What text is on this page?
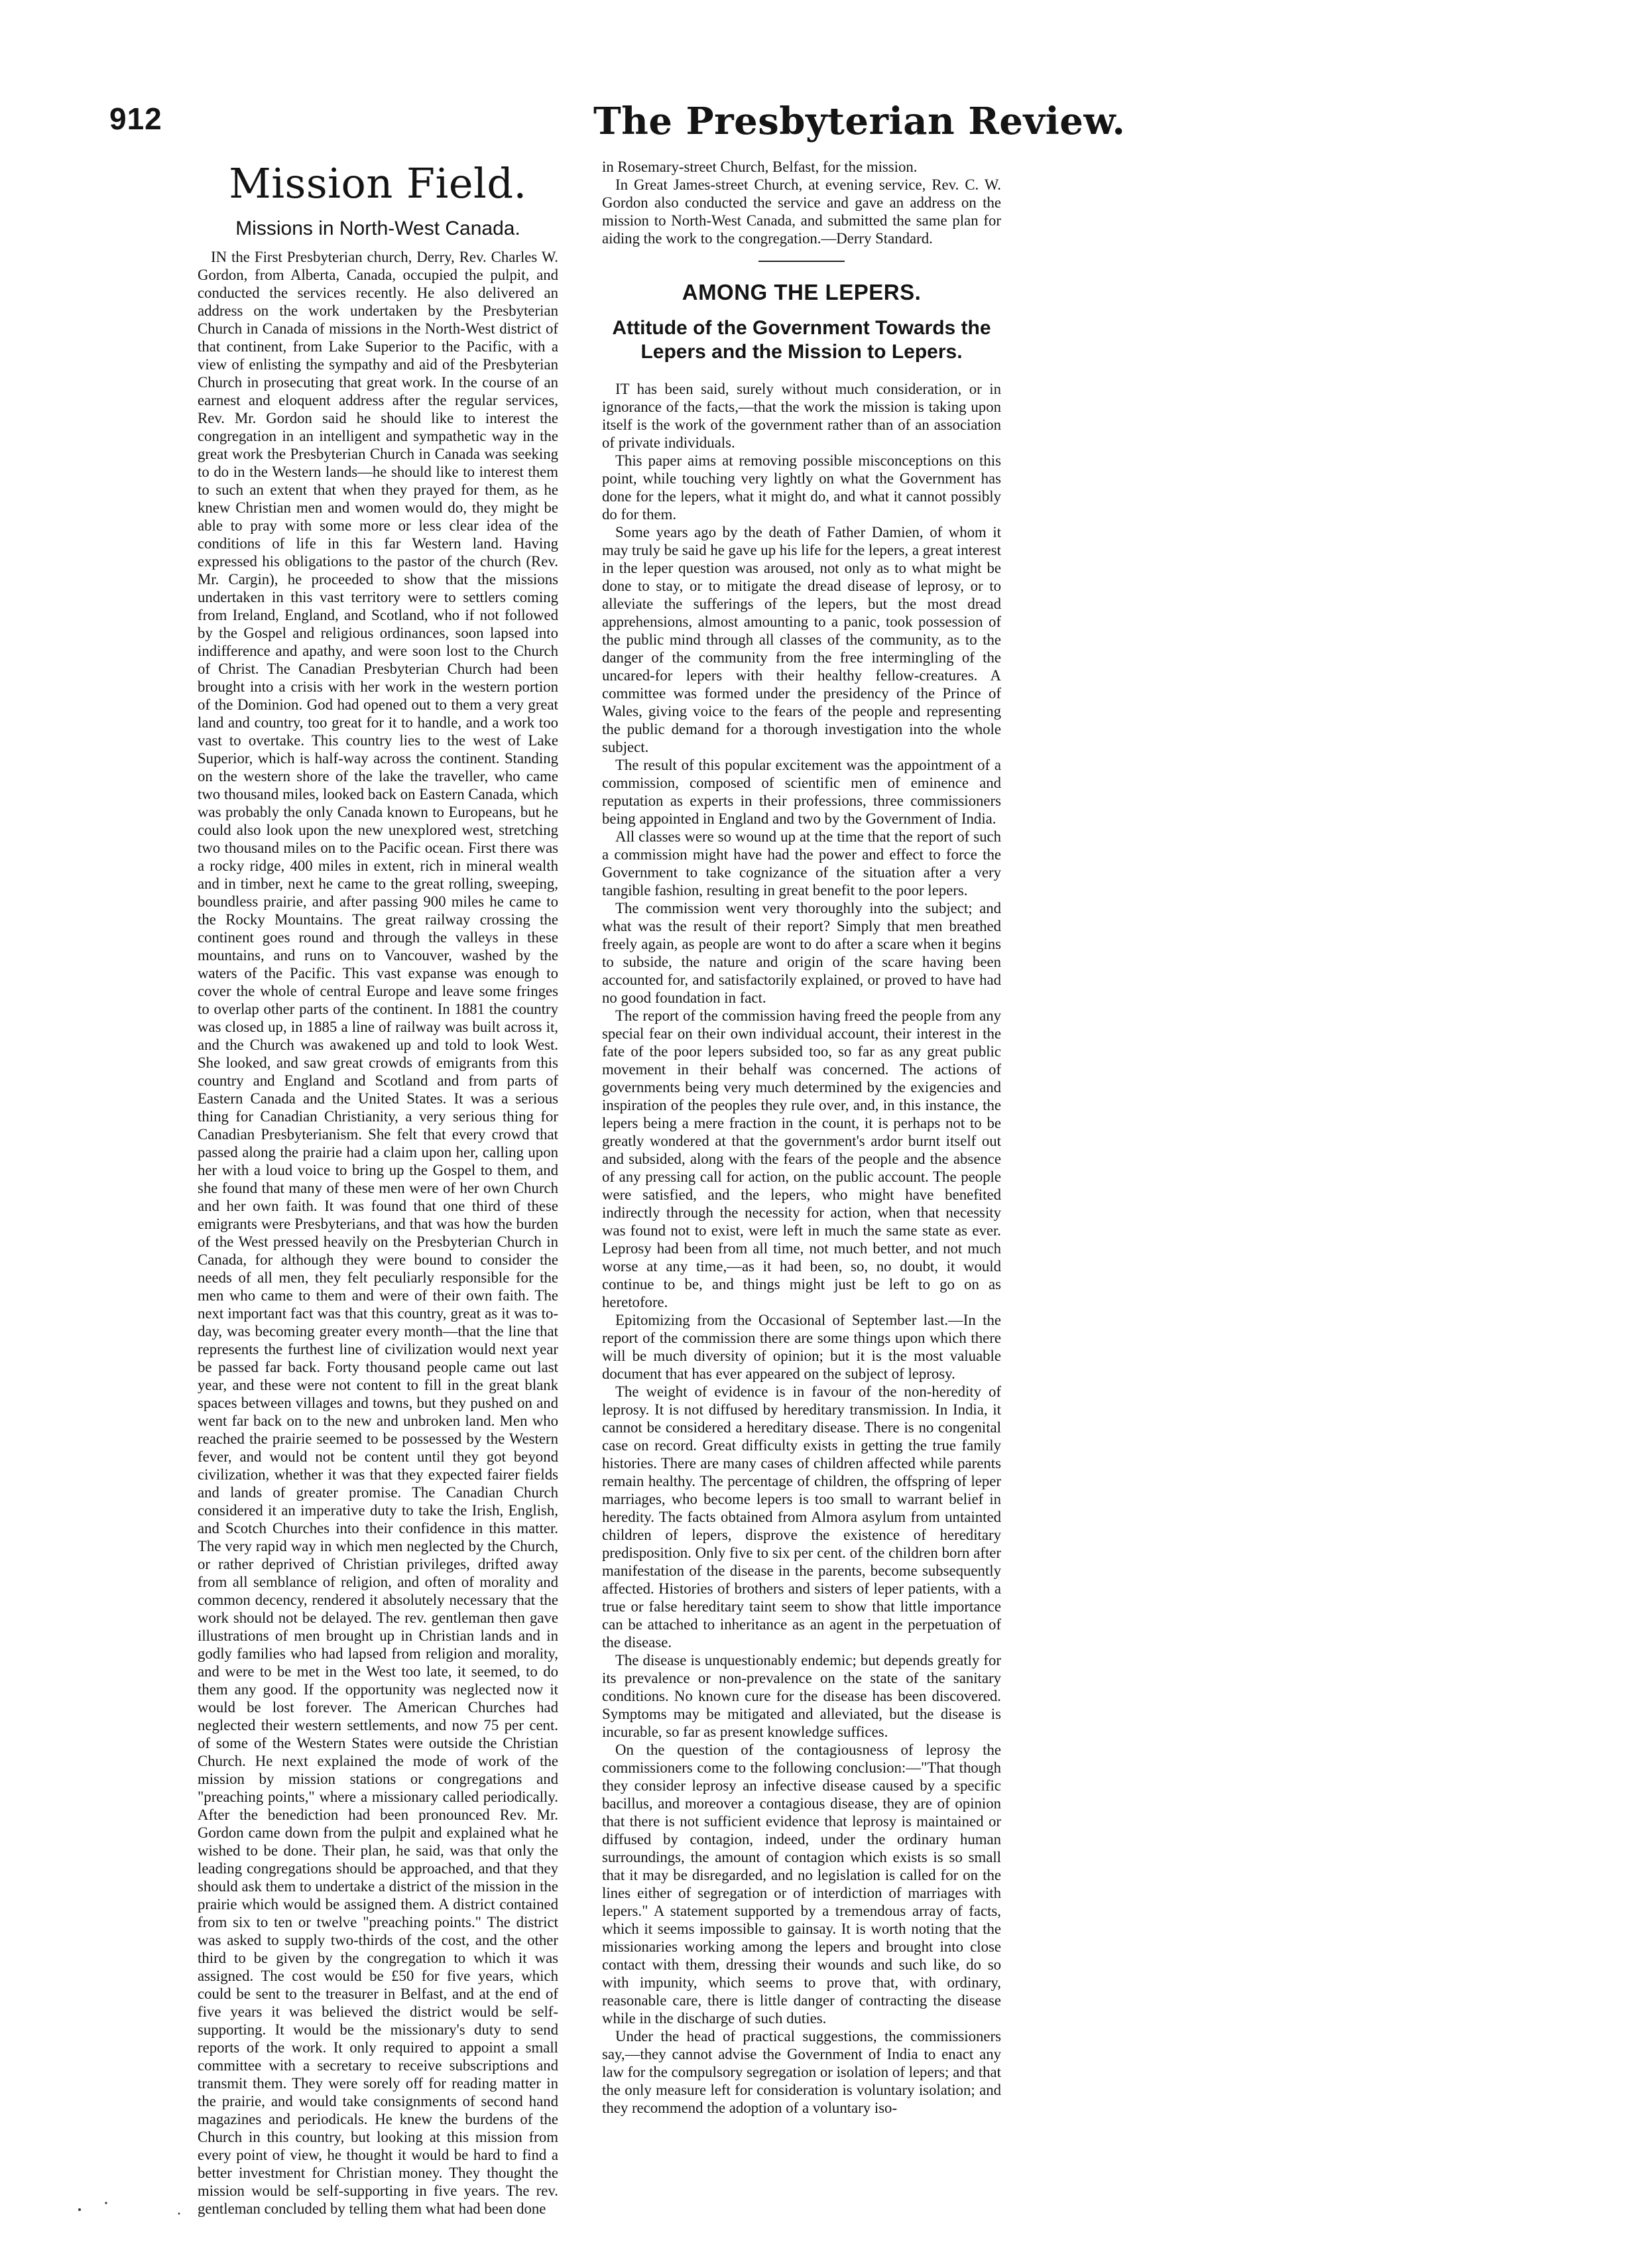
912	The Presbyterian Review.
Mission Field.
Missions in North-West Canada.

IN the First Presbyterian church, Derry, Rev. Charles W. Gordon, from Alberta, Canada, occupied the pulpit, and conducted the services recently. He also delivered an address on the work undertaken by the Presbyterian Church in Canada of missions in the North-West district of that continent, from Lake Superior to the Pacific, with a view of enlisting the sympathy and aid of the Presbyterian Church in prosecuting that great work. In the course of an earnest and eloquent address after the regular services, Rev. Mr. Gordon said he should like to interest the congregation in an intelligent and sympathetic way in the great work the Presbyterian Church in Canada was seeking to do in the Western lands—he should like to interest them to such an extent that when they prayed for them, as he knew Christian men and women would do, they might be able to pray with some more or less clear idea of the conditions of life in this far Western land. Having expressed his obligations to the pastor of the church (Rev. Mr. Cargin), he proceeded to show that the missions undertaken in this vast territory were to settlers coming from Ireland, England, and Scotland, who if not followed by the Gospel and religious ordinances, soon lapsed into indifference and apathy, and were soon lost to the Church of Christ. The Canadian Presbyterian Church had been brought into a crisis with her work in the western portion of the Dominion. God had opened out to them a very great land and country, too great for it to handle, and a work too vast to overtake. This country lies to the west of Lake Superior, which is half-way across the continent. Standing on the western shore of the lake the traveller, who came two thousand miles, looked back on Eastern Canada, which was probably the only Canada known to Europeans, but he could also look upon the new unexplored west, stretching two thousand miles on to the Pacific ocean. First there was a rocky ridge, 400 miles in extent, rich in mineral wealth and in timber, next he came to the great rolling, sweeping, boundless prairie, and after passing 900 miles he came to the Rocky Mountains. The great railway crossing the continent goes round and through the valleys in these mountains, and runs on to Vancouver, washed by the waters of the Pacific. This vast expanse was enough to cover the whole of central Europe and leave some fringes to overlap other parts of the continent. In 1881 the country was closed up, in 1885 a line of railway was built across it, and the Church was awakened up and told to look West. She looked, and saw great crowds of emigrants from this country and England and Scotland and from parts of Eastern Canada and the United States. It was a serious thing for Canadian Christianity, a very serious thing for Canadian Presbyterianism. She felt that every crowd that passed along the prairie had a claim upon her, calling upon her with a loud voice to bring up the Gospel to them, and she found that many of these men were of her own Church and her own faith. It was found that one third of these emigrants were Presbyterians, and that was how the burden of the West pressed heavily on the Presbyterian Church in Canada, for although they were bound to consider the needs of all men, they felt peculiarly responsible for the men who came to them and were of their own faith. The next important fact was that this country, great as it was to-day, was becoming greater every month—that the line that represents the furthest line of civilization would next year be passed far back. Forty thousand people came out last year, and these were not content to fill in the great blank spaces between villages and towns, but they pushed on and went far back on to the new and unbroken land. Men who reached the prairie seemed to be possessed by the Western fever, and would not be content until they got beyond civilization, whether it was that they expected fairer fields and lands of greater promise. The Canadian Church considered it an imperative duty to take the Irish, English, and Scotch Churches into their confidence in this matter. The very rapid way in which men neglected by the Church, or rather deprived of Christian privileges, drifted away from all semblance of religion, and often of morality and common decency, rendered it absolutely necessary that the work should not be delayed. The rev. gentleman then gave illustrations of men brought up in Christian lands and in godly families who had lapsed from religion and morality, and were to be met in the West too late, it seemed, to do them any good. If the opportunity was neglected now it would be lost forever. The American Churches had neglected their western settlements, and now 75 per cent. of some of the Western States were outside the Christian Church. He next explained the mode of work of the mission by mission stations or congregations and "preaching points," where a missionary called periodically. After the benediction had been pronounced Rev. Mr. Gordon came down from the pulpit and explained what he wished to be done. Their plan, he said, was that only the leading congregations should be approached, and that they should ask them to undertake a district of the mission in the prairie which would be assigned them. A district contained from six to ten or twelve "preaching points." The district was asked to supply two-thirds of the cost, and the other third to be given by the congregation to which it was assigned. The cost would be £50 for five years, which could be sent to the treasurer in Belfast, and at the end of five years it was believed the district would be self-supporting. It would be the missionary's duty to send reports of the work. It only required to appoint a small committee with a secretary to receive subscriptions and transmit them. They were sorely off for reading matter in the prairie, and would take consignments of second hand magazines and periodicals. He knew the burdens of the Church in this country, but looking at this mission from every point of view, he thought it would be hard to find a better investment for Christian money. They thought the mission would be self-supporting in five years. The rev. gentleman concluded by telling them what had been done

in Rosemary-street Church, Belfast, for the mission.

In Great James-street Church, at evening service, Rev. C. W. Gordon also conducted the service and gave an address on the mission to North-West Canada, and submitted the same plan for aiding the work to the congregation.—Derry Standard.

AMONG THE LEPERS.
Attitude of the Government Towards the Lepers and the Mission to Lepers.

IT has been said, surely without much consideration, or in ignorance of the facts,—that the work the mission is taking upon itself is the work of the government rather than of an association of private individuals.

This paper aims at removing possible misconceptions on this point, while touching very lightly on what the Government has done for the lepers, what it might do, and what it cannot possibly do for them.

Some years ago by the death of Father Damien, of whom it may truly be said he gave up his life for the lepers, a great interest in the leper question was aroused, not only as to what might be done to stay, or to mitigate the dread disease of leprosy, or to alleviate the sufferings of the lepers, but the most dread apprehensions, almost amounting to a panic, took possession of the public mind through all classes of the community, as to the danger of the community from the free intermingling of the uncared-for lepers with their healthy fellow-creatures. A committee was formed under the presidency of the Prince of Wales, giving voice to the fears of the people and representing the public demand for a thorough investigation into the whole subject.

The result of this popular excitement was the appointment of a commission, composed of scientific men of eminence and reputation as experts in their professions, three commissioners being appointed in England and two by the Government of India.

All classes were so wound up at the time that the report of such a commission might have had the power and effect to force the Government to take cognizance of the situation after a very tangible fashion, resulting in great benefit to the poor lepers.

The commission went very thoroughly into the subject; and what was the result of their report? Simply that men breathed freely again, as people are wont to do after a scare when it begins to subside, the nature and origin of the scare having been accounted for, and satisfactorily explained, or proved to have had no good foundation in fact.

The report of the commission having freed the people from any special fear on their own individual account, their interest in the fate of the poor lepers subsided too, so far as any great public movement in their behalf was concerned. The actions of governments being very much determined by the exigencies and inspiration of the peoples they rule over, and, in this instance, the lepers being a mere fraction in the count, it is perhaps not to be greatly wondered at that the government's ardor burnt itself out and subsided, along with the fears of the people and the absence of any pressing call for action, on the public account. The people were satisfied, and the lepers, who might have benefited indirectly through the necessity for action, when that necessity was found not to exist, were left in much the same state as ever. Leprosy had been from all time, not much better, and not much worse at any time,—as it had been, so, no doubt, it would continue to be, and things might just be left to go on as heretofore.

Epitomizing from the Occasional of September last.—In the report of the commission there are some things upon which there will be much diversity of opinion; but it is the most valuable document that has ever appeared on the subject of leprosy.

The weight of evidence is in favour of the non-heredity of leprosy. It is not diffused by hereditary transmission. In India, it cannot be considered a hereditary disease. There is no congenital case on record. Great difficulty exists in getting the true family histories. There are many cases of children affected while parents remain healthy. The percentage of children, the offspring of leper marriages, who become lepers is too small to warrant belief in heredity. The facts obtained from Almora asylum from untainted children of lepers, disprove the existence of hereditary predisposition. Only five to six per cent. of the children born after manifestation of the disease in the parents, become subsequently affected. Histories of brothers and sisters of leper patients, with a true or false hereditary taint seem to show that little importance can be attached to inheritance as an agent in the perpetuation of the disease.

The disease is unquestionably endemic; but depends greatly for its prevalence or non-prevalence on the state of the sanitary conditions. No known cure for the disease has been discovered. Symptoms may be mitigated and alleviated, but the disease is incurable, so far as present knowledge suffices.

On the question of the contagiousness of leprosy the commissioners come to the following conclusion:—"That though they consider leprosy an infective disease caused by a specific bacillus, and moreover a contagious disease, they are of opinion that there is not sufficient evidence that leprosy is maintained or diffused by contagion, indeed, under the ordinary human surroundings, the amount of contagion which exists is so small that it may be disregarded, and no legislation is called for on the lines either of segregation or of interdiction of marriages with lepers." A statement supported by a tremendous array of facts, which it seems impossible to gainsay. It is worth noting that the missionaries working among the lepers and brought into close contact with them, dressing their wounds and such like, do so with impunity, which seems to prove that, with ordinary, reasonable care, there is little danger of contracting the disease while in the discharge of such duties.

Under the head of practical suggestions, the commissioners say,—they cannot advise the Government of India to enact any law for the compulsory segregation or isolation of lepers; and that the only measure left for consideration is voluntary isolation; and they recommend the adoption of a voluntary iso-
